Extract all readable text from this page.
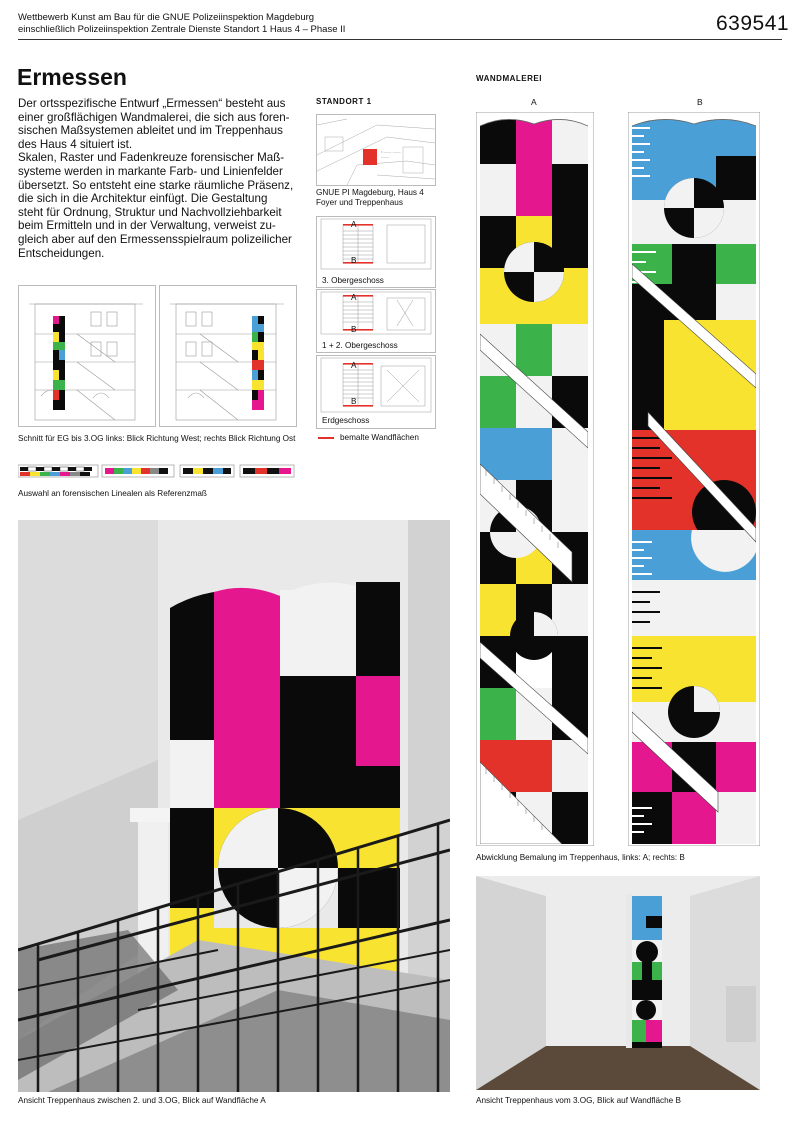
Wettbewerb Kunst am Bau für die GNUE Polizeiinspektion Magdeburg
einschließlich Polizeiinspektion Zentrale Dienste Standort 1 Haus 4 – Phase II	639541
Ermessen
Der ortsspezifische Entwurf „Ermessen“ besteht aus
einer großflächigen Wandmalerei, die sich aus foren-
sischen Maßsystemen ableitet und im Treppenhaus
des Haus 4 situiert ist.
Skalen, Raster und Fadenkreuze forensischer Maß-
systeme werden in markante Farb- und Linienfelder
übersetzt. So entsteht eine starke räumliche Präsenz,
die sich in die Architektur einfügt. Die Gestaltung
steht für Ordnung, Struktur und Nachvollziehbarkeit
beim Ermitteln und in der Verwaltung, verweist zu-
gleich aber auf den Ermessensspielraum polizeilicher
Entscheidungen.
Schnitt für EG bis 3.OG links: Blick Richtung West; rechts Blick Richtung Ost
Auswahl an forensischen Linealen als Referenzmaß
STANDORT 1
• —— ——
——
GNUE PI Magdeburg, Haus 4
Foyer und Treppenhaus
A
B
3. Obergeschoss
A
B
1 + 2. Obergeschoss
A
B
Erdgeschoss
bemalte Wandflächen
WANDMALEREI
A	B
Abwicklung Bemalung im Treppenhaus, links: A; rechts: B
Ansicht Treppenhaus zwischen 2. und 3.OG, Blick auf Wandfläche A	Ansicht Treppenhaus vom 3.OG, Blick auf Wandfläche B
